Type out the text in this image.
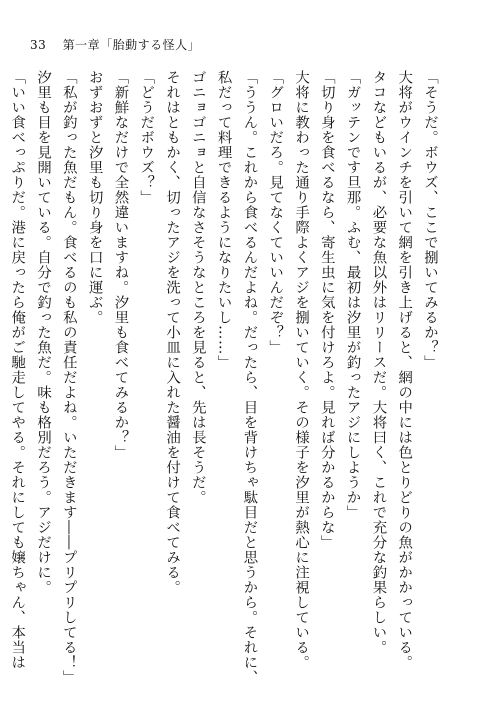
33 第一章「胎動する怪人」
「そうだ。ボウズ、ここで捌いてみるか？」
大将がウインチを引いて網を引き上げると、網の中には色とりどりの魚がかかっている。
タコなどもいるが、必要な魚以外はリリースだ。大将曰く、これで充分な釣果らしい。
「ガッテンです旦那。ふむ、最初は汐里が釣ったアジにしようか」
「切り身を食べるなら、寄生虫に気を付けろよ。見れば分かるからな」
大将に教わった通り手際よくアジを捌いていく。その様子を汐里が熱心に注視している。
「グロいだろ。見てなくていいんだぞ？」
「ううん。これから食べるんだよね。だったら、目を背けちゃ駄目だと思うから。それに、
私だって料理できるようになりたいし……」
ゴニョゴニョと自信なさそうなところを見ると、先は長そうだ。
それはともかく、切ったアジを洗って小皿に入れた醤油を付けて食べてみる。
「どうだボウズ？」
「新鮮なだけで全然違いますね。汐里も食べてみるか？」
おずおずと汐里も切り身を口に運ぶ。
「私が釣った魚だもん。食べるのも私の責任だよね。いただきます――プリプリしてる！」
汐里も目を見開いている。自分で釣った魚だ。味も格別だろう。アジだけに。
「いい食べっぷりだ。港に戻ったら俺がご馳走してやる。それにしても嬢ちゃん、本当は
